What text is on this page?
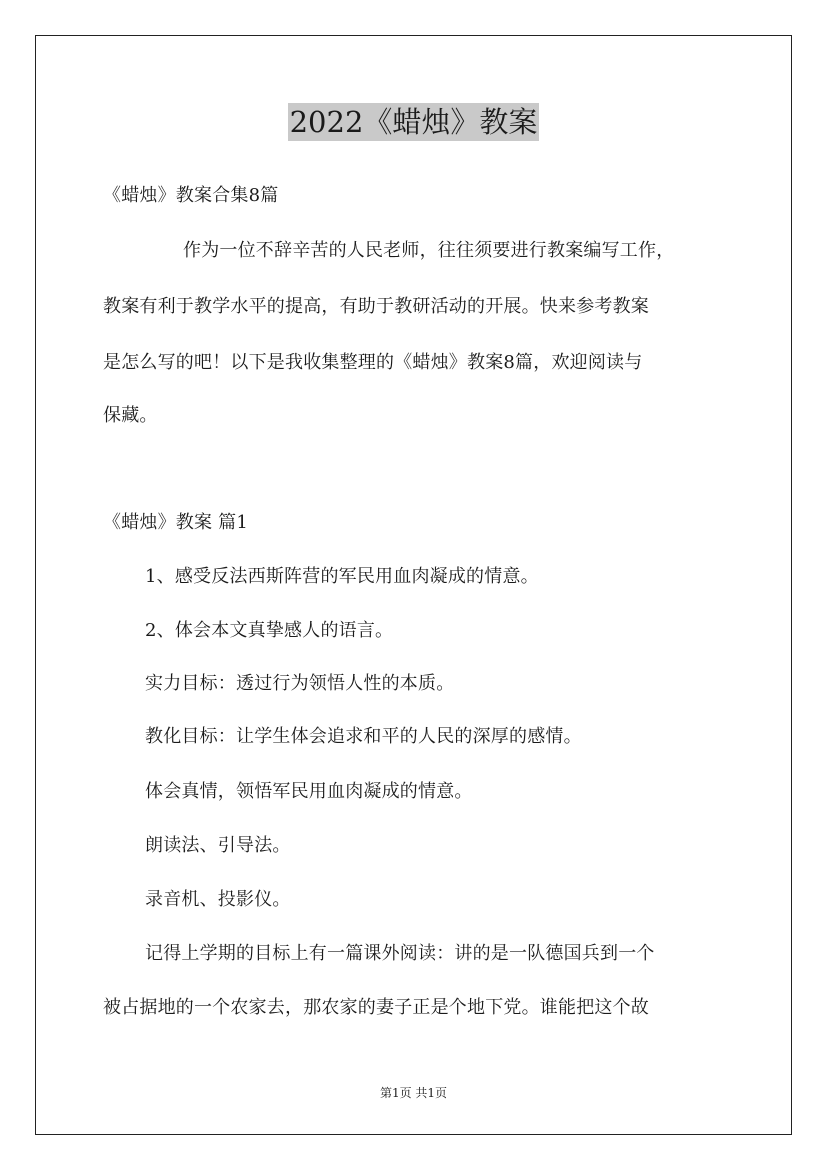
2022《蜡烛》教案
《蜡烛》教案合集8篇
作为一位不辞辛苦的人民老师，往往须要进行教案编写工作，
教案有利于教学水平的提高，有助于教研活动的开展。快来参考教案
是怎么写的吧！以下是我收集整理的《蜡烛》教案8篇，欢迎阅读与
保藏。
《蜡烛》教案 篇1
1、感受反法西斯阵营的军民用血肉凝成的情意。
2、体会本文真挚感人的语言。
实力目标：透过行为领悟人性的本质。
教化目标：让学生体会追求和平的人民的深厚的感情。
体会真情，领悟军民用血肉凝成的情意。
朗读法、引导法。
录音机、投影仪。
记得上学期的目标上有一篇课外阅读：讲的是一队德国兵到一个
被占据地的一个农家去，那农家的妻子正是个地下党。谁能把这个故
第1页 共1页
